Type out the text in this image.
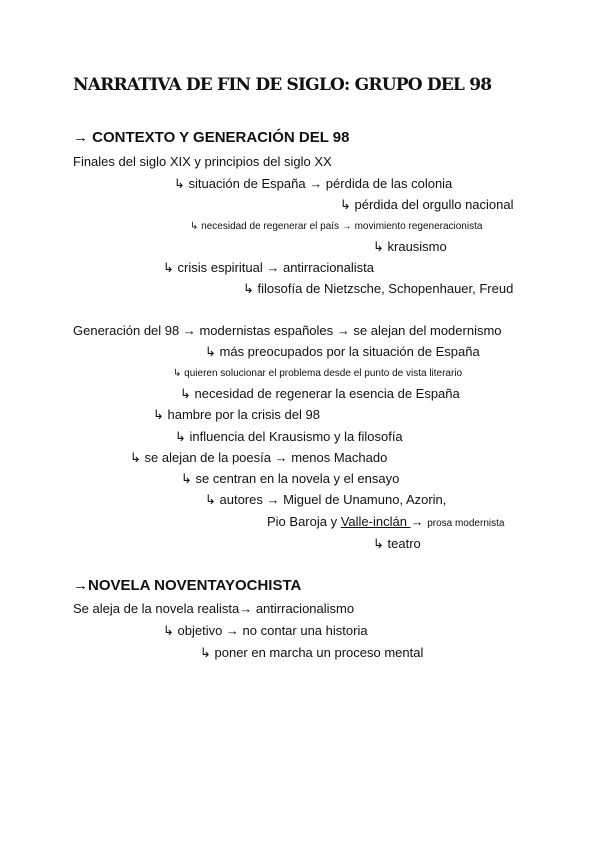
NARRATIVA DE FIN DE SIGLO: GRUPO DEL 98
→ CONTEXTO Y GENERACIÓN DEL 98
Finales del siglo XIX y principios del siglo XX
↳ situación de España → pérdida de las colonia
↳ pérdida del orgullo nacional
↳ necesidad de regenerar el país → movimiento regeneracionista
↳ krausismo
↳ crisis espiritual → antirracionalista
↳ filosofía de Nietzsche, Schopenhauer, Freud
Generación del 98 → modernistas españoles → se alejan del modernismo
↳ más preocupados por la situación de España
↳ quieren solucionar el problema desde el punto de vista literario
↳ necesidad de regenerar la esencia de España
↳ hambre por la crisis del 98
↳ influencia del Krausismo y la filosofía
↳ se alejan de la poesía → menos Machado
↳ se centran en la novela y el ensayo
↳ autores → Miguel de Unamuno, Azorin,
Pio Baroja y Valle-inclán → prosa modernista
↳ teatro
→NOVELA NOVENTAYOCHISTA
Se aleja de la novela realista→ antirracionalismo
↳ objetivo → no contar una historia
↳ poner en marcha un proceso mental
